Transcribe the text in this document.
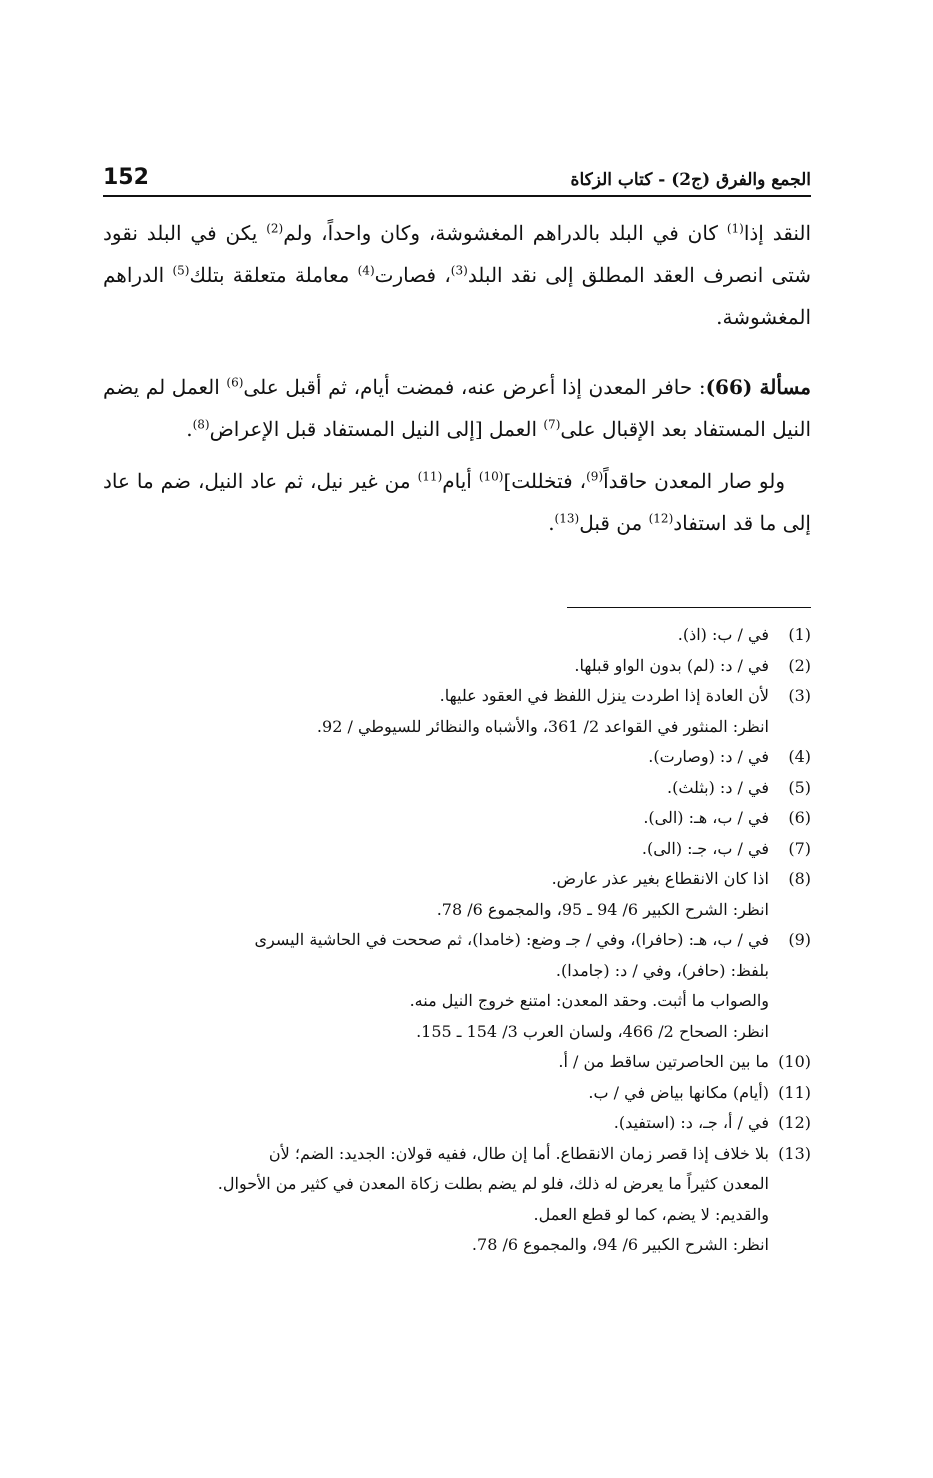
152	الجمع والفرق (ج2) - كتاب الزكاة

النقد إذا$^{(1)}$ كان في البلد بالدراهم المغشوشة، وكان واحداً، ولم$^{(2)}$ يكن في البلد نقود شتى انصرف العقد المطلق إلى نقد البلد$^{(3)}$، فصارت$^{(4)}$ معاملة متعلقة بتلك$^{(5)}$ الدراهم المغشوشة.

مسألة (66): حافر المعدن إذا أعرض عنه، فمضت أيام، ثم أقبل على$^{(6)}$ العمل لم يضم النيل المستفاد بعد الإقبال على$^{(7)}$ العمل [إلى النيل المستفاد قبل الإعراض$^{(8)}$.

ولو صار المعدن حاقداً$^{(9)}$، فتخللت]$^{(10)}$ أيام$^{(11)}$ من غير نيل، ثم عاد النيل، ضم ما عاد إلى ما قد استفاد$^{(12)}$ من قبل$^{(13)}$.

(1)
في / ب: (اذ).
(2)
في / د: (لم) بدون الواو قبلها.
(3)
لأن العادة إذا اطردت ينزل اللفظ في العقود عليها.
انظر: المنثور في القواعد 2/ 361، والأشباه والنظائر للسيوطي / 92.
(4)
في / د: (وصارت).
(5)
في / د: (بثلث).
(6)
في / ب، هـ: (الى).
(7)
في / ب، جـ: (الى).
(8)
اذا كان الانقطاع بغير عذر عارض.
انظر: الشرح الكبير 6/ 94 ـ 95، والمجموع 6/ 78.
(9)
في / ب، هـ: (حافرا)، وفي / جـ وضع: (خامدا)، ثم صححت في الحاشية اليسرى
بلفظ: (حافر)، وفي / د: (جامدا).
والصواب ما أثبت. وحقد المعدن: امتنع خروج النيل منه.
انظر: الصحاح 2/ 466، ولسان العرب 3/ 154 ـ 155.
(10)
ما بين الحاصرتين ساقط من / أ.
(11)
(أيام) مكانها بياض في / ب.
(12)
في / أ، جـ، د: (استفيد).
(13)
بلا خلاف إذا قصر زمان الانقطاع. أما إن طال، ففيه قولان: الجديد: الضم؛ لأن
المعدن كثيراً ما يعرض له ذلك، فلو لم يضم بطلت زكاة المعدن في كثير من الأحوال.
والقديم: لا يضم، كما لو قطع العمل.
انظر: الشرح الكبير 6/ 94، والمجموع 6/ 78.
